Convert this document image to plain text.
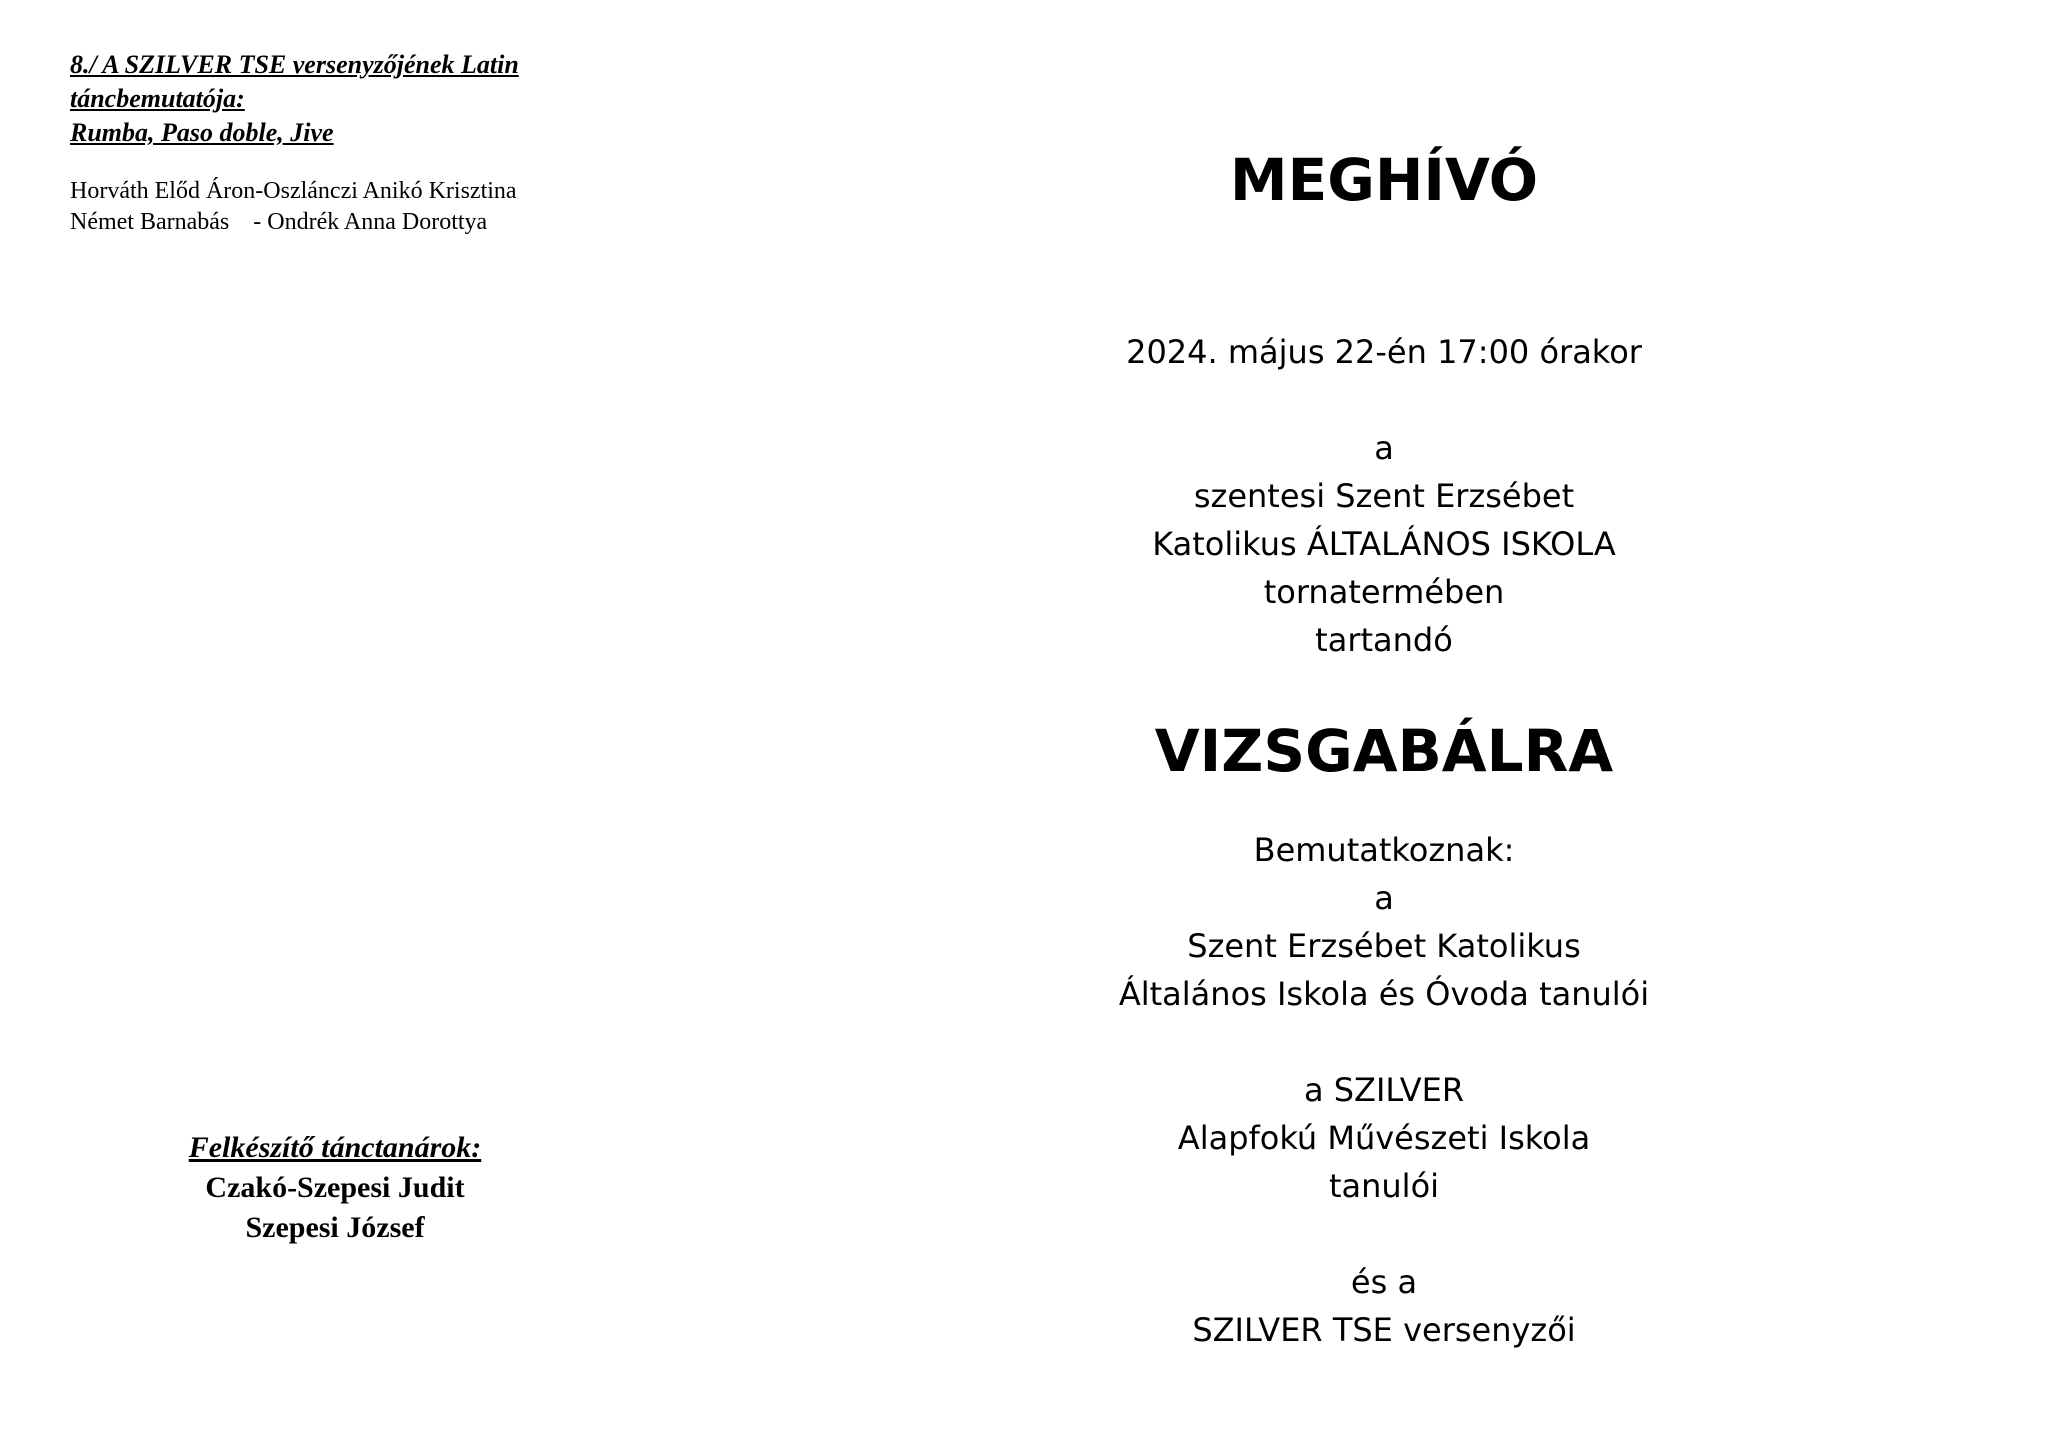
8./ A SZILVER TSE versenyzőjének Latin
táncbemutatója:
Rumba, Paso doble, Jive
Horváth Előd Áron-Oszlánczi Anikó Krisztina
Német Barnabás    - Ondrék Anna Dorottya
Felkészítő tánctanárok:
Czakó-Szepesi Judit
Szepesi József
MEGHÍVÓ
2024. május 22-én 17:00 órakor
a
szentesi Szent Erzsébet
Katolikus ÁLTALÁNOS ISKOLA
tornatermében
tartandó
VIZSGABÁLRA
Bemutatkoznak:
a
Szent Erzsébet Katolikus
Általános Iskola és Óvoda tanulói
a SZILVER
Alapfokú Művészeti Iskola
tanulói
és a
SZILVER TSE versenyzői
